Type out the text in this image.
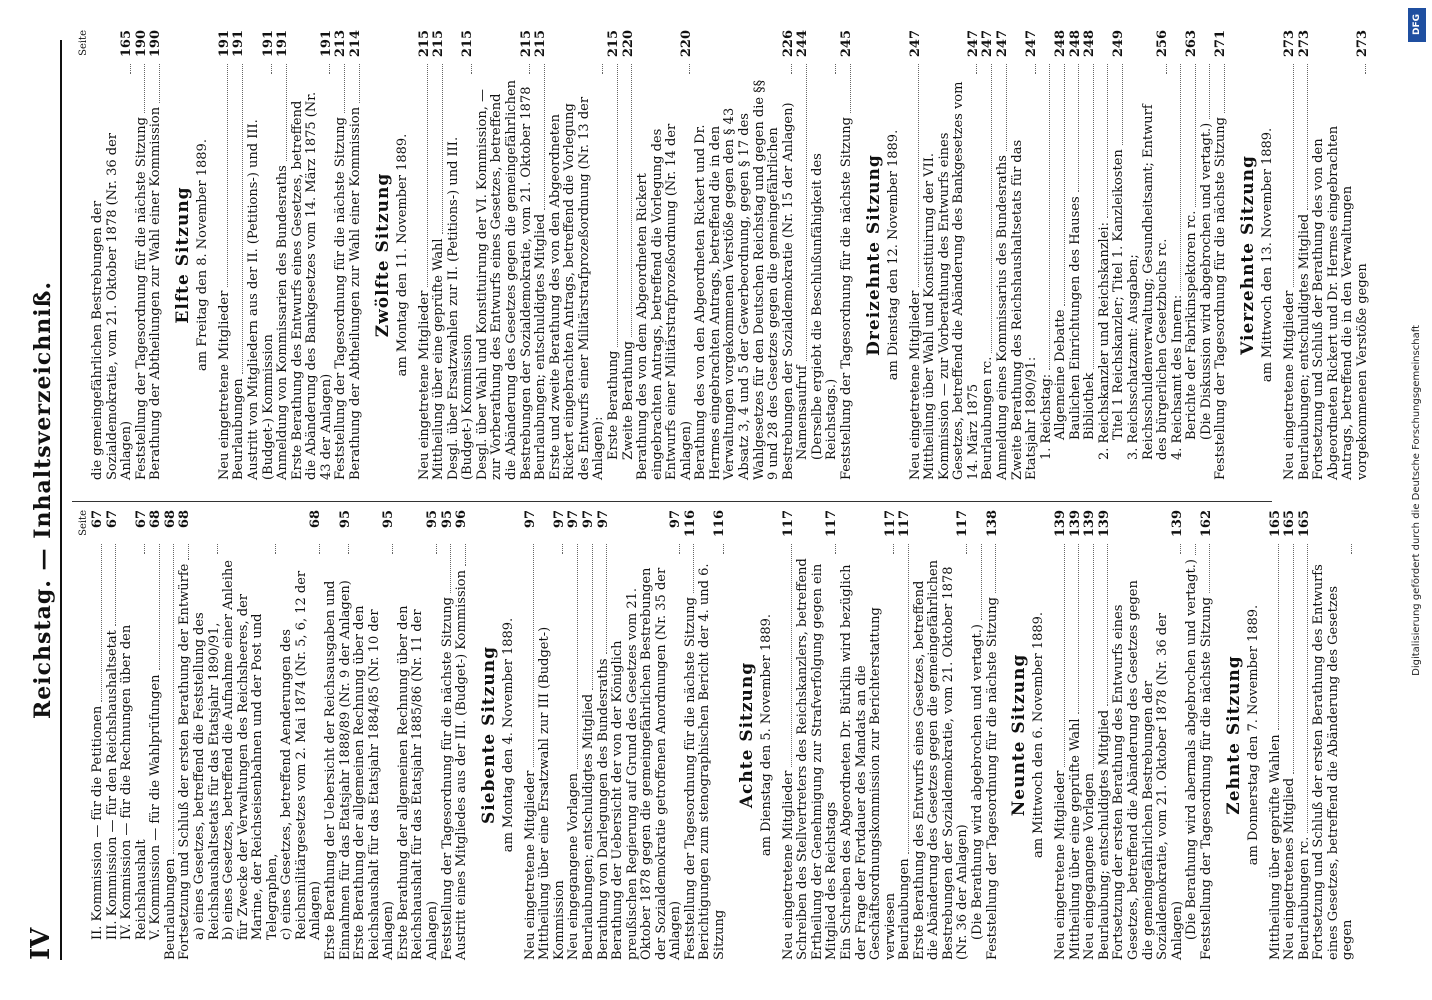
IV
Reichstag. — Inhaltsverzeichniß. Seite
II. Kommission — für die Petitionen
67
III. Kommission — für den Reichshaushaltsetat
67
IV. Kommission — für die Rechnungen über den Reichshaushalt
67
V. Kommission — für die Wahlprüfungen
68
Beurlaubungen
68
Fortsetzung und Schluß der ersten Berathung der Entwürfe
68
a) eines Gesetzes, betreffend die Feststellung des Reichshaushaltsetats für das Etatsjahr 1890/91, b) eines Gesetzes, betreffend die Aufnahme einer Anleihe für Zwecke der Verwaltungen des Reichsheeres, der Marine, der Reichseisenbahnen und der Post und Telegraphen, c) eines Gesetzes, betreffend Aenderungen des Reichsmilitärgesetzes vom 2. Mai 1874 (Nr. 5, 6, 12 der Anlagen)
68
Erste Berathung der Uebersicht der Reichsausgaben und Einnahmen für das Etatsjahr 1888/89 (Nr. 9 der Anlagen)
95
Erste Berathung der allgemeinen Rechnung über den Reichshaushalt für das Etatsjahr 1884/85 (Nr. 10 der Anlagen)
95
Erste Berathung der allgemeinen Rechnung über den Reichshaushalt für das Etatsjahr 1885/86 (Nr. 11 der Anlagen)
95
Feststellung der Tagesordnung für die nächste Sitzung
95
Austritt eines Mitgliedes aus der III. (Budget-) Kommission
96
Siebente Sitzung am Montag den 4. November 1889.
Neu eingetretene Mitglieder
97
Mittheilung über eine Ersatzwahl zur III (Budget-) Kommission
97
Neu eingegangene Vorlagen
97
Beurlaubungen; entschuldigtes Mitglied
97
Berathung von Darlegungen des Bundesraths
97
Berathung der Uebersicht der von der Königlich preußischen Regierung auf Grund des Gesetzes vom 21. Oktober 1878 gegen die gemeingefährlichen Bestrebungen der Sozialdemokratie getroffenen Anordnungen (Nr. 35 der Anlagen)
97
Feststellung der Tagesordnung für die nächste Sitzung
116
Berichtigungen zum stenographischen Bericht der 4. und 6. Sitzung
116
Achte Sitzung am Dienstag den 5. November 1889.
Neu eingetretene Mitglieder
117
Schreiben des Stellvertreters des Reichskanzlers, betreffend Ertheilung der Genehmigung zur Strafverfolgung gegen ein Mitglied des Reichstags
117
Ein Schreiben des Abgeordneten Dr. Bürklin wird bezüglich der Frage der Fortdauer des Mandats an die Geschäftsordnungskommission zur Berichterstattung verwiesen
117
Beurlaubungen
117
Erste Berathung des Entwurfs eines Gesetzes, betreffend die Abänderung des Gesetzes gegen die gemeingefährlichen Bestrebungen der Sozialdemokratie, vom 21. Oktober 1878 (Nr. 36 der Anlagen)
117
(Die Berathung wird abgebrochen und vertagt.) Feststellung der Tagesordnung für die nächste Sitzung
138
Neunte Sitzung am Mittwoch den 6. November 1889.
Neu eingetretene Mitglieder
139
Mittheilung über eine geprüfte Wahl
139
Neu eingegangene Vorlagen
139
Beurlaubung; entschuldigtes Mitglied
139
Fortsetzung der ersten Berathung des Entwurfs eines Gesetzes, betreffend die Abänderung des Gesetzes gegen die gemeingefährlichen Bestrebungen der Sozialdemokratie, vom 21. Oktober 1878 (Nr. 36 der Anlagen)
139
(Die Berathung wird abermals abgebrochen und vertagt.) Feststellung der Tagesordnung für die nächste Sitzung
162
Zehnte Sitzung am Donnerstag den 7. November 1889. Mittheilung über geprüfte Wahlen
165
Neu eingetretenes Mitglied
165
Beurlaubungen rc.
165
Fortsetzung und Schluß der ersten Berathung des Entwurfs eines Gesetzes, betreffend die Abänderung des Gesetzes gegen
Seite
die gemeingefährlichen Bestrebungen der Sozialdemokratie, vom 21. Oktober 1878 (Nr. 36 der Anlagen)
165
Feststellung der Tagesordnung für die nächste Sitzung
190
Berathung der Abtheilungen zur Wahl einer Kommission
190
Elfte Sitzung am Freitag den 8. November 1889.
Neu eingetretene Mitglieder
191
Beurlaubungen
191
Austritt von Mitgliedern aus der II. (Petitions-) und III. (Budget-) Kommission
191
Anmeldung von Kommissarien des Bundesraths
191
Erste Berathung des Entwurfs eines Gesetzes, betreffend die Abänderung des Bankgesetzes vom 14. März 1875 (Nr. 43 der Anlagen)
191
Feststellung der Tagesordnung für die nächste Sitzung
213
Berathung der Abtheilungen zur Wahl einer Kommission
214
Zwölfte Sitzung am Montag den 11. November 1889.
Neu eingetretene Mitglieder
215
Mittheilung über eine geprüfte Wahl
215
Desgl. über Ersatzwahlen zur II. (Petitions-) und III. (Budget-) Kommission
215
Desgl. über Wahl und Konstituirung der VI. Kommission, — zur Vorberathung des Entwurfs eines Gesetzes, betreffend die Abänderung des Gesetzes gegen die gemeingefährlichen Bestrebungen der Sozialdemokratie, vom 21. Oktober 1878
215
Beurlaubungen; entschuldigtes Mitglied
215
Erste und zweite Berathung des von den Abgeordneten Rickert eingebrachten Antrags, betreffend die Vorlegung des Entwurfs einer Militärstrafprozeßordnung (Nr. 13 der Anlagen): Erste Berathung
215
Zweite Berathung
220
Berathung des von dem Abgeordneten Rickert eingebrachten Antrags, betreffend die Vorlegung des Entwurfs einer Militärstrafprozeßordnung (Nr. 14 der Anlagen)
220
Berathung des von den Abgeordneten Rickert und Dr. Hermes eingebrachten Antrags, betreffend die in den Verwaltungen vorgekommenen Verstöße gegen den § 43 Absatz 3, 4 und 5 der Gewerbeordnung, gegen § 17 des Wahlgesetzes für den Deutschen Reichstag und gegen die §§ 9 und 28 des Gesetzes gegen die gemeingefährlichen Bestrebungen der Sozialdemokratie (Nr. 15 der Anlagen)
226
Namensaufruf
244
(Derselbe ergiebt die Beschlußunfähigkeit des Reichstags.) Feststellung der Tagesordnung für die nächste Sitzung
245
Dreizehnte Sitzung am Dienstag den 12. November 1889.
Neu eingetretene Mitglieder
247
Mittheilung über Wahl und Konstituirung der VII. Kommission — zur Vorberathung des Entwurfs eines Gesetzes, betreffend die Abänderung des Bankgesetzes vom 14. März 1875
247
Beurlaubungen rc.
247
Anmeldung eines Kommissarius des Bundesraths
247
Zweite Berathung des Reichshaushaltsetats für das Etatsjahr 1890/91:
247
1. Reichstag: Allgemeine Debatte
248
Baulichen Einrichtungen des Hauses
248
Bibliothek
248
2. Reichskanzler und Reichskanzlei: Titel 1 Reichskanzler; Titel 1. Kanzleikosten
249
3. Reichsschatzamt: Ausgaben; Reichsschuldenverwaltung; Gesundheitsamt; Entwurf des bürgerlichen Gesetzbuchs rc.
256
4. Reichsamt des Innern: Berichte der Fabrikinspektoren rc.
263
(Die Diskussion wird abgebrochen und vertagt.) Feststellung der Tagesordnung für die nächste Sitzung
271
Vierzehnte Sitzung am Mittwoch den 13. November 1889.
Neu eingetretene Mitglieder
273
Beurlaubungen; entschuldigtes Mitglied
273
Fortsetzung und Schluß der Berathung des von den Abgeordneten Rickert und Dr. Hermes eingebrachten Antrags, betreffend die in den Verwaltungen vorgekommenen Verstöße gegen
273
Digitalisierung gefördert durch die Deutsche Forschungsgemeinschaft
DFG
